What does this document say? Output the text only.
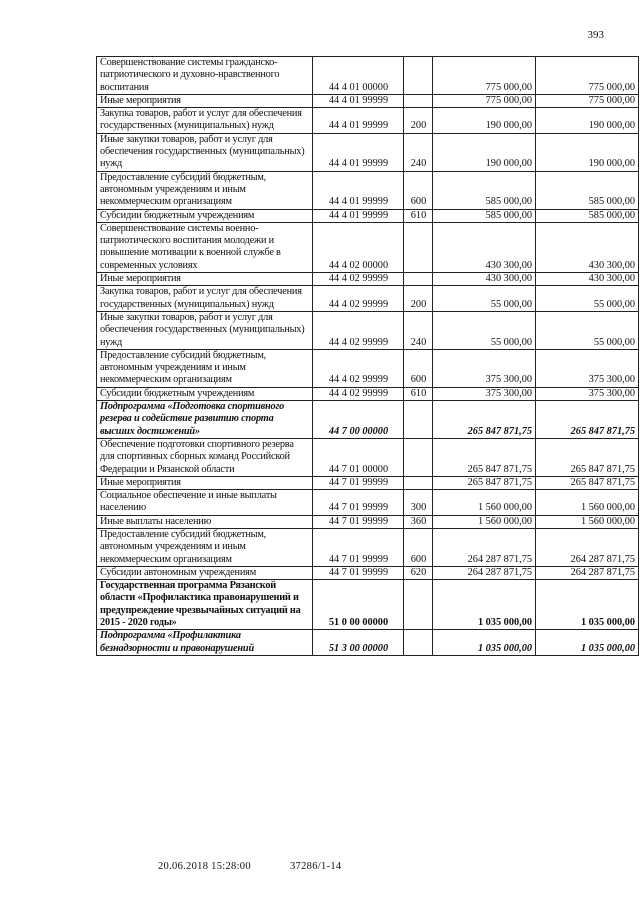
393
Совершенствование системы гражданско-патриотического и духовно-нравственного воспитания	44 4 01 00000		775 000,00	775 000,00
Иные мероприятия	44 4 01 99999		775 000,00	775 000,00
Закупка товаров, работ и услуг для обеспечения государственных (муниципальных) нужд	44 4 01 99999	200	190 000,00	190 000,00
Иные закупки товаров, работ и услуг для обеспечения государственных (муниципальных) нужд	44 4 01 99999	240	190 000,00	190 000,00
Предоставление субсидий бюджетным, автономным учреждениям и иным некоммерческим организациям	44 4 01 99999	600	585 000,00	585 000,00
Субсидии бюджетным учреждениям	44 4 01 99999	610	585 000,00	585 000,00
Совершенствование системы военно-патриотического воспитания молодежи и повышение мотивации к военной службе в современных условиях	44 4 02 00000		430 300,00	430 300,00
Иные мероприятия	44 4 02 99999		430 300,00	430 300,00
Закупка товаров, работ и услуг для обеспечения государственных (муниципальных) нужд	44 4 02 99999	200	55 000,00	55 000,00
Иные закупки товаров, работ и услуг для обеспечения государственных (муниципальных) нужд	44 4 02 99999	240	55 000,00	55 000,00
Предоставление субсидий бюджетным, автономным учреждениям и иным некоммерческим организациям	44 4 02 99999	600	375 300,00	375 300,00
Субсидии бюджетным учреждениям	44 4 02 99999	610	375 300,00	375 300,00
Подпрограмма «Подготовка спортивного резерва и содействие развитию спорта высших достижений»	44 7 00 00000		265 847 871,75	265 847 871,75
Обеспечение подготовки спортивного резерва для спортивных сборных команд Российской Федерации и Рязанской области	44 7 01 00000		265 847 871,75	265 847 871,75
Иные мероприятия	44 7 01 99999		265 847 871,75	265 847 871,75
Социальное обеспечение и иные выплаты населению	44 7 01 99999	300	1 560 000,00	1 560 000,00
Иные выплаты населению	44 7 01 99999	360	1 560 000,00	1 560 000,00
Предоставление субсидий бюджетным, автономным учреждениям и иным некоммерческим организациям	44 7 01 99999	600	264 287 871,75	264 287 871,75
Субсидии автономным учреждениям	44 7 01 99999	620	264 287 871,75	264 287 871,75
Государственная программа Рязанской области «Профилактика правонарушений и предупреждение чрезвычайных ситуаций на 2015 - 2020 годы»	51 0 00 00000		1 035 000,00	1 035 000,00
Подпрограмма «Профилактика безнадзорности и правонарушений	51 3 00 00000		1 035 000,00	1 035 000,00
20.06.2018 15:28:00	37286/1-14
